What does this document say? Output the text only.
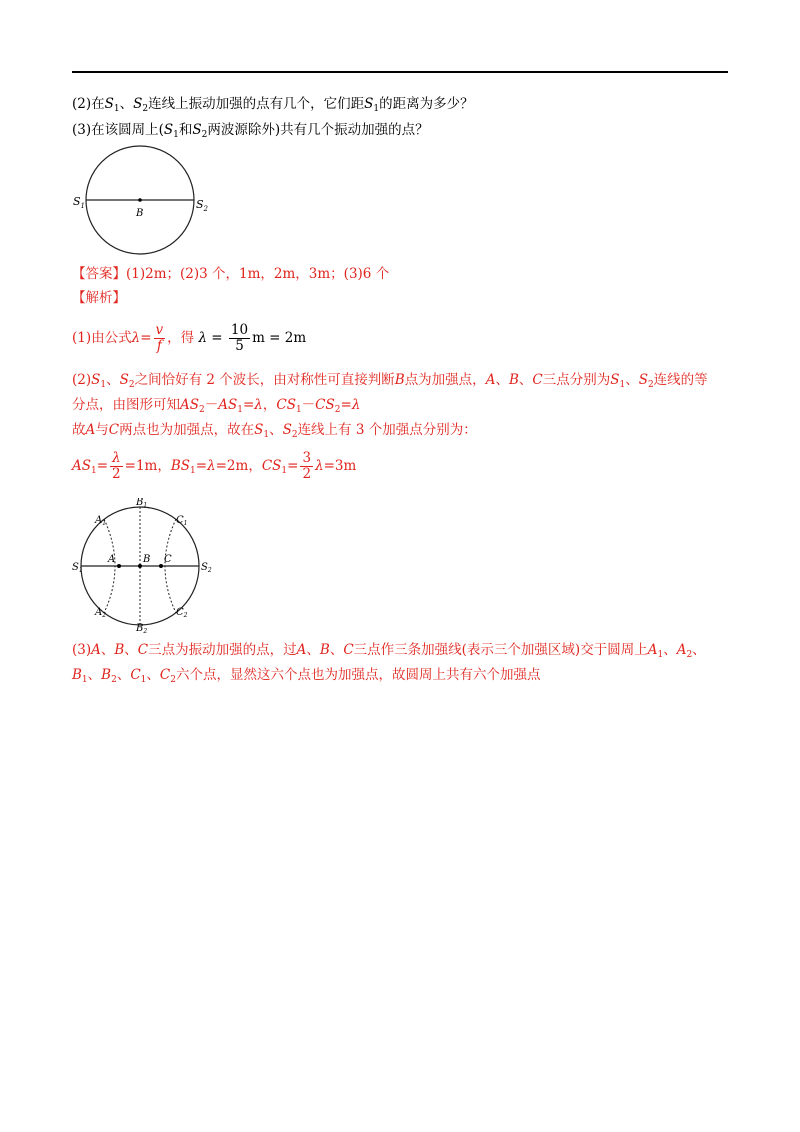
(2)在$S_1$、$S_2$连线上振动加强的点有几个，它们距$S_1$的距离为多少？
(3)在该圆周上($S_1$和$S_2$两波源除外)共有几个振动加强的点？
$S_1$	$S_2$
B
【答案】(1)2m；(2)3 个，1m，2m，3m；(3)6 个
【解析】
(1)由公式$\lambda= \frac{v}{f}$ ，得 $\lambda = \frac{10}{5}$ m = 2m
$(2)S_1$、$S_2$之间恰好有 2 个波长，由对称性可直接判断B点为加强点，A、B、C三点分别为$S_1$、$S_2$连线的等
分点，由图形可知$AS_2-AS_1=\lambda$，$CS_1-CS_2=\lambda$
故A与C两点也为加强点，故在$S_1$、$S_2$连线上有 3 个加强点分别为：
$AS_1= \frac{\lambda}{2} =1m$，$BS_1=\lambda=2m$，$CS_1= \frac{3}{2} \lambda=3m$
$B_1$
$A_1$	$C_1$
$S_1$	$S_2$
A	B C
$A_2$	$C_2$
$B_2$
(3)A、B、C三点为振动加强的点，过A、B、C三点作三条加强线(表示三个加强区域)交于圆周上$A_1$、$A_2$、
$B_1$、$B_2$、$C_1$、$C_2$六个点，显然这六个点也为加强点，故圆周上共有六个加强点
